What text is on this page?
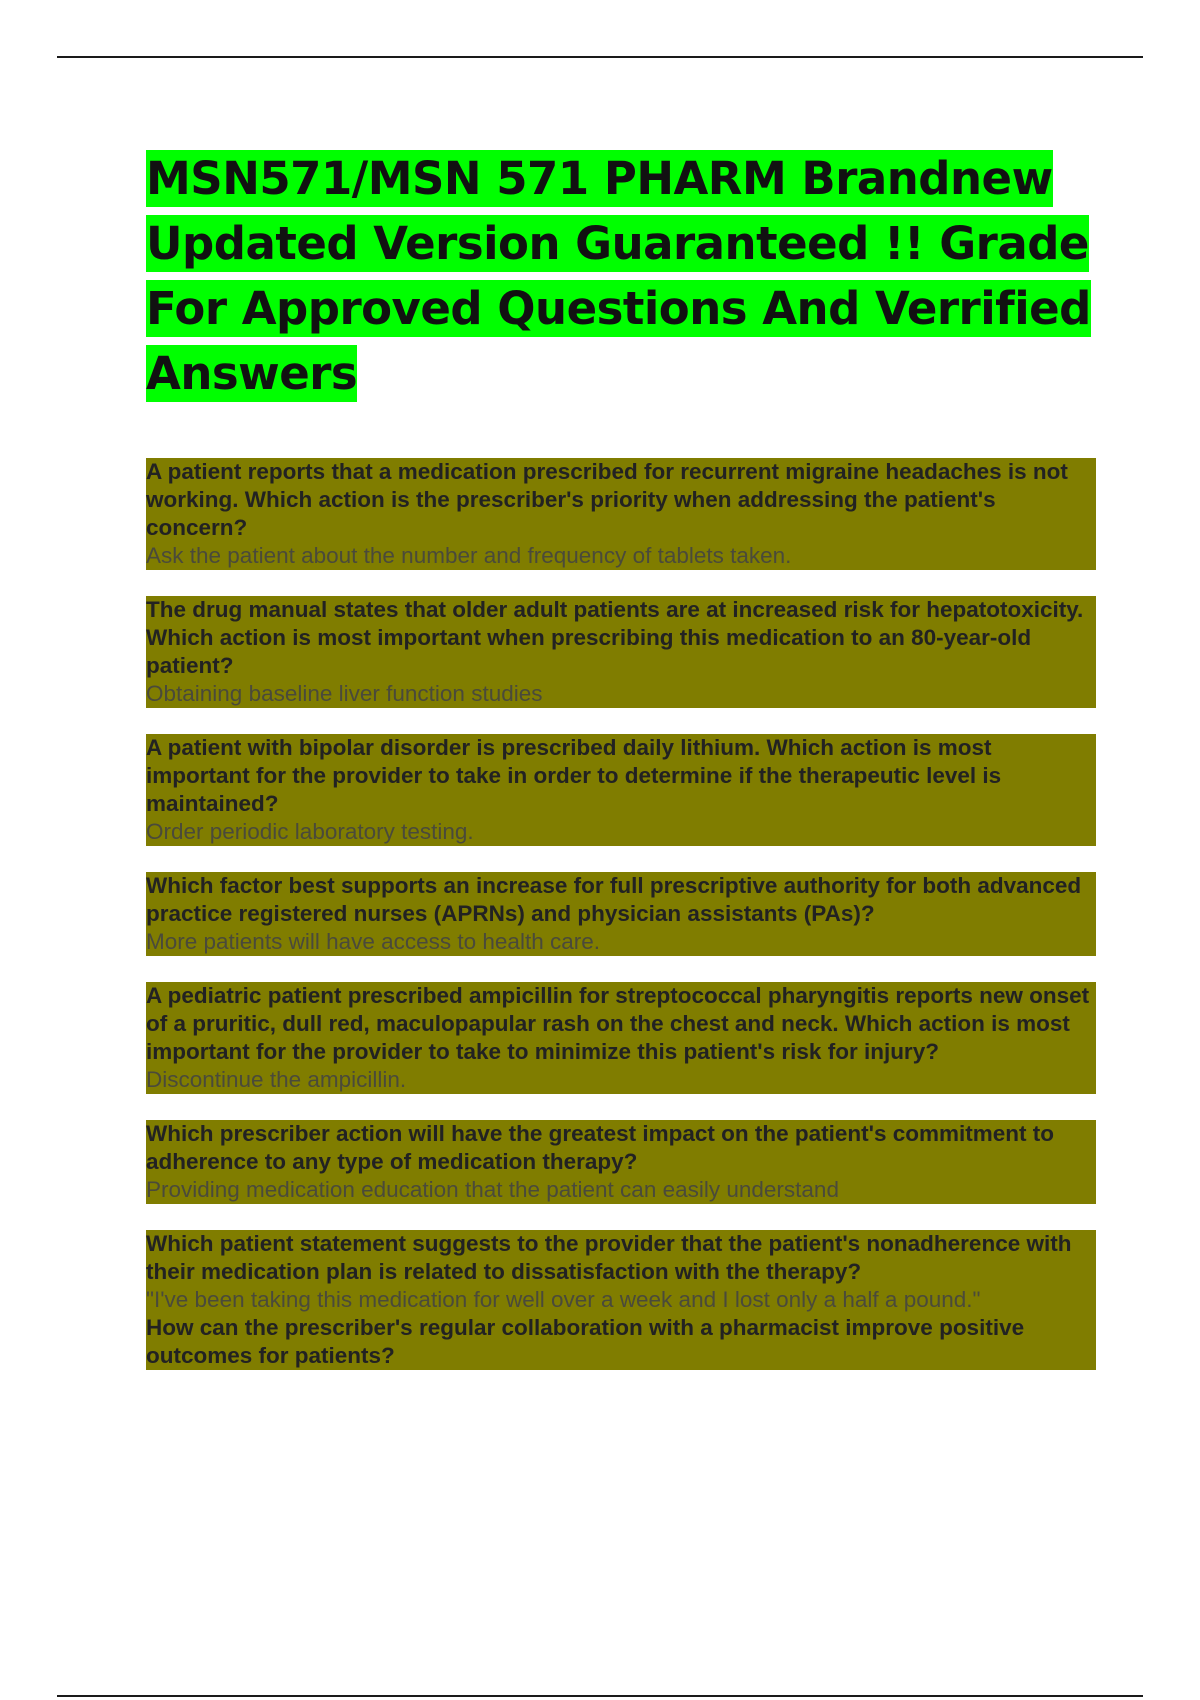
MSN571/MSN 571 PHARM Brandnew Updated Version Guaranteed !! Grade For Approved Questions And Verrified Answers
A patient reports that a medication prescribed for recurrent migraine headaches is not working. Which action is the prescriber's priority when addressing the patient's concern?
Ask the patient about the number and frequency of tablets taken.
The drug manual states that older adult patients are at increased risk for hepatotoxicity. Which action is most important when prescribing this medication to an 80-year-old patient?
Obtaining baseline liver function studies
A patient with bipolar disorder is prescribed daily lithium. Which action is most important for the provider to take in order to determine if the therapeutic level is maintained?
Order periodic laboratory testing.
Which factor best supports an increase for full prescriptive authority for both advanced practice registered nurses (APRNs) and physician assistants (PAs)?
More patients will have access to health care.
A pediatric patient prescribed ampicillin for streptococcal pharyngitis reports new onset of a pruritic, dull red, maculopapular rash on the chest and neck. Which action is most important for the provider to take to minimize this patient's risk for injury?
Discontinue the ampicillin.
Which prescriber action will have the greatest impact on the patient's commitment to adherence to any type of medication therapy?
Providing medication education that the patient can easily understand
Which patient statement suggests to the provider that the patient's nonadherence with their medication plan is related to dissatisfaction with the therapy?
"I've been taking this medication for well over a week and I lost only a half a pound."
How can the prescriber's regular collaboration with a pharmacist improve positive outcomes for patients?
